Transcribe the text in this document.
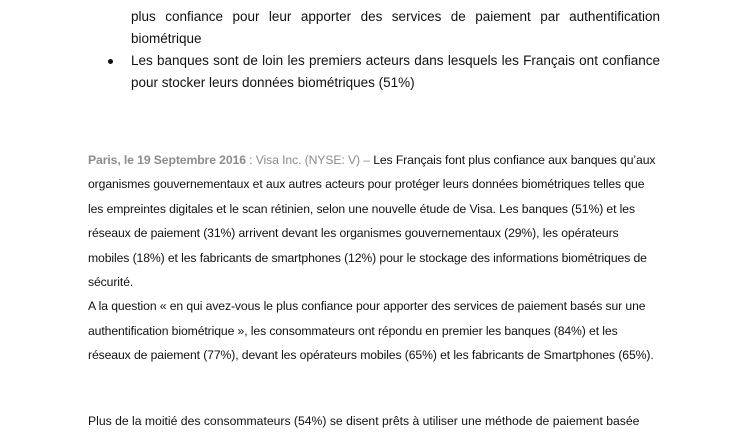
plus confiance pour leur apporter des services de paiement par authentification biométrique
Les banques sont de loin les premiers acteurs dans lesquels les Français ont confiance pour stocker leurs données biométriques (51%)

Paris, le 19 Septembre 2016 : Visa Inc. (NYSE: V) – Les Français font plus confiance aux banques qu’aux organismes gouvernementaux et aux autres acteurs pour protéger leurs données biométriques telles que les empreintes digitales et le scan rétinien, selon une nouvelle étude de Visa. Les banques (51%) et les réseaux de paiement (31%) arrivent devant les organismes gouvernementaux (29%), les opérateurs mobiles (18%) et les fabricants de smartphones (12%) pour le stockage des informations biométriques de sécurité.

A la question « en qui avez-vous le plus confiance pour apporter des services de paiement basés sur une authentification biométrique », les consommateurs ont répondu en premier les banques (84%) et les réseaux de paiement (77%), devant les opérateurs mobiles (65%) et les fabricants de Smartphones (65%).

Plus de la moitié des consommateurs (54%) se disent prêts à utiliser une méthode de paiement basée
